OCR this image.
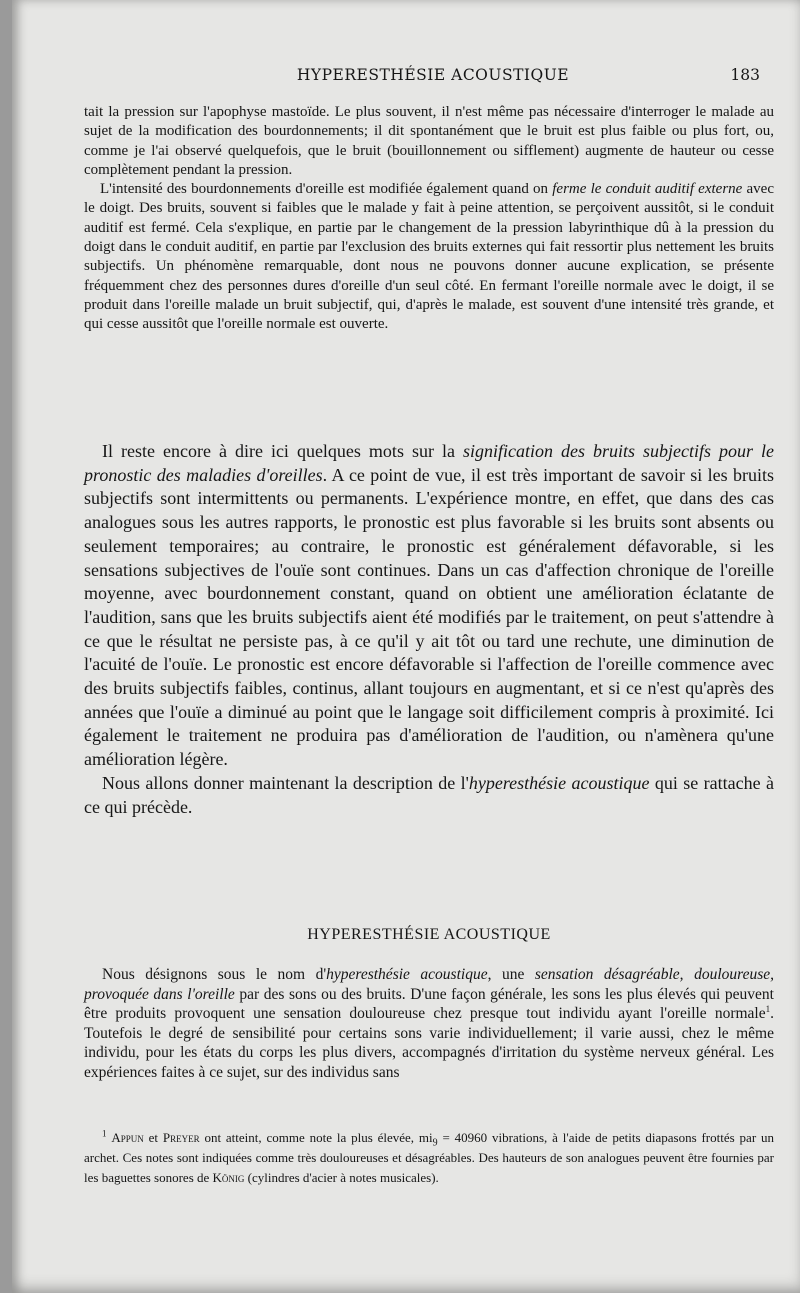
HYPERESTHÉSIE ACOUSTIQUE	183

tait la pression sur l'apophyse mastoïde. Le plus souvent, il n'est même pas nécessaire d'interroger le malade au sujet de la modification des bourdonnements; il dit spontanément que le bruit est plus faible ou plus fort, ou, comme je l'ai observé quelquefois, que le bruit (bouillonnement ou sifflement) augmente de hauteur ou cesse complètement pendant la pression.

L'intensité des bourdonnements d'oreille est modifiée également quand on ferme le conduit auditif externe avec le doigt. Des bruits, souvent si faibles que le malade y fait à peine attention, se perçoivent aussitôt, si le conduit auditif est fermé. Cela s'explique, en partie par le changement de la pression labyrinthique dû à la pression du doigt dans le conduit auditif, en partie par l'exclusion des bruits externes qui fait ressortir plus nettement les bruits subjectifs. Un phénomène remarquable, dont nous ne pouvons donner aucune explication, se présente fréquemment chez des personnes dures d'oreille d'un seul côté. En fermant l'oreille normale avec le doigt, il se produit dans l'oreille malade un bruit subjectif, qui, d'après le malade, est souvent d'une intensité très grande, et qui cesse aussitôt que l'oreille normale est ouverte.

Il reste encore à dire ici quelques mots sur la signification des bruits subjectifs pour le pronostic des maladies d'oreilles. A ce point de vue, il est très important de savoir si les bruits subjectifs sont intermittents ou permanents. L'expérience montre, en effet, que dans des cas analogues sous les autres rapports, le pronostic est plus favorable si les bruits sont absents ou seulement temporaires; au contraire, le pronostic est généralement défavorable, si les sensations subjectives de l'ouïe sont continues. Dans un cas d'affection chronique de l'oreille moyenne, avec bourdonnement constant, quand on obtient une amélioration éclatante de l'audition, sans que les bruits subjectifs aient été modifiés par le traitement, on peut s'attendre à ce que le résultat ne persiste pas, à ce qu'il y ait tôt ou tard une rechute, une diminution de l'acuité de l'ouïe. Le pronostic est encore défavorable si l'affection de l'oreille commence avec des bruits subjectifs faibles, continus, allant toujours en augmentant, et si ce n'est qu'après des années que l'ouïe a diminué au point que le langage soit difficilement compris à proximité. Ici également le traitement ne produira pas d'amélioration de l'audition, ou n'amènera qu'une amélioration légère.

Nous allons donner maintenant la description de l'hyperesthésie acoustique qui se rattache à ce qui précède.

HYPERESTHÉSIE ACOUSTIQUE

Nous désignons sous le nom d'hyperesthésie acoustique, une sensation désagréable, douloureuse, provoquée dans l'oreille par des sons ou des bruits. D'une façon générale, les sons les plus élevés qui peuvent être produits provoquent une sensation douloureuse chez presque tout individu ayant l'oreille normale$^1$. Toutefois le degré de sensibilité pour certains sons varie individuellement; il varie aussi, chez le même individu, pour les états du corps les plus divers, accompagnés d'irritation du système nerveux général. Les expériences faites à ce sujet, sur des individus sans

$^1$ Appun et Preyer ont atteint, comme note la plus élevée, $mi_9 = 40960$ vibrations, à l'aide de petits diapasons frottés par un archet. Ces notes sont indiquées comme très douloureuses et désagréables. Des hauteurs de son analogues peuvent être fournies par les baguettes sonores de König (cylindres d'acier à notes musicales).
